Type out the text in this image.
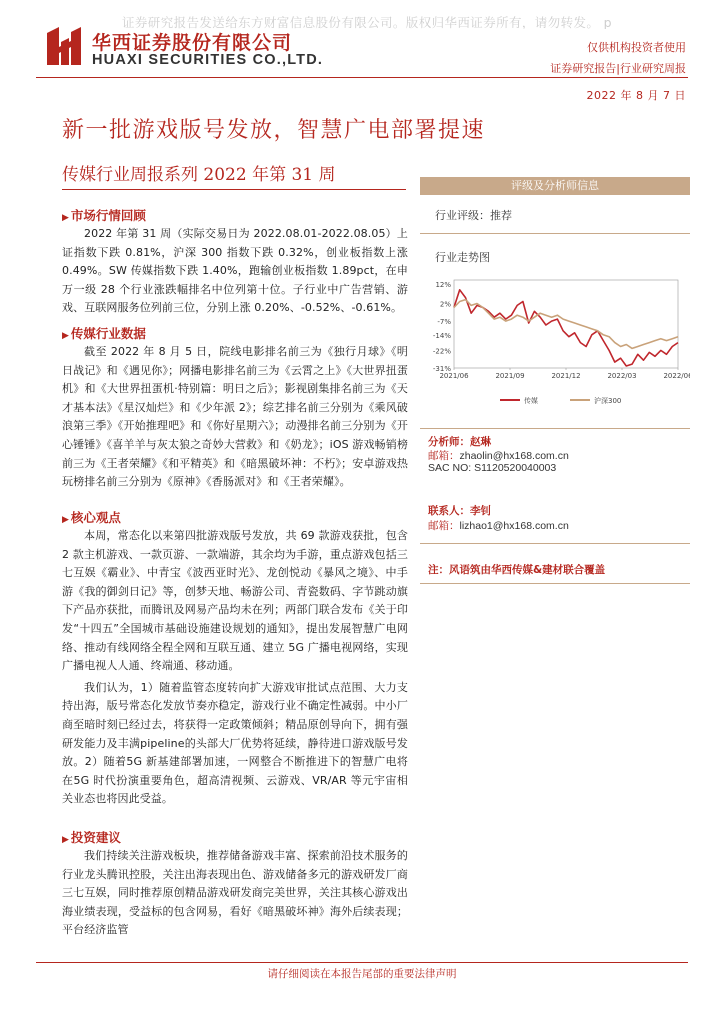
证券研究报告发送给东方财富信息股份有限公司。版权归华西证券所有，请勿转发。 p
华西证券股份有限公司
HUAXI SECURITIES CO.,LTD.
仅供机构投资者使用
证券研究报告|行业研究周报
2022 年 8 月 7 日
新一批游戏版号发放，智慧广电部署提速
传媒行业周报系列 2022 年第 31 周
▶ 市场行情回顾

2022 年第 31 周（实际交易日为 2022.08.01-2022.08.05）上证指数下跌 0.81%，沪深 300 指数下跌 0.32%，创业板指数上涨 0.49%。SW 传媒指数下跌 1.40%，跑输创业板指数 1.89pct，在申万一级 28 个行业涨跌幅排名中位列第十位。子行业中广告营销、游戏、互联网服务位列前三位，分别上涨 0.20%、-0.52%、-0.61%。

▶ 传媒行业数据

截至 2022 年 8 月 5 日，院线电影排名前三为《独行月球》《明日战记》和《遇见你》；网播电影排名前三为《云霄之上》《大世界扭蛋机》和《大世界扭蛋机·特别篇：明日之后》；影视剧集排名前三为《天才基本法》《星汉灿烂》和《少年派 2》；综艺排名前三分别为《乘风破浪第三季》《开始推理吧》和《你好星期六》；动漫排名前三分别为《开心锤锤》《喜羊羊与灰太狼之奇妙大营救》和《奶龙》；iOS 游戏畅销榜前三为《王者荣耀》《和平精英》和《暗黑破坏神：不朽》；安卓游戏热玩榜排名前三分别为《原神》《香肠派对》和《王者荣耀》。

▶ 核心观点

本周，常态化以来第四批游戏版号发放，共 69 款游戏获批，包含 2 款主机游戏、一款页游、一款端游，其余均为手游，重点游戏包括三七互娱《霸业》、中青宝《波西亚时光》、龙创悦动《暴风之境》、中手游《我的御剑日记》等，创梦天地、畅游公司、青瓷数码、字节跳动旗下产品亦获批，而腾讯及网易产品均未在列；两部门联合发布《关于印发“十四五”全国城市基础设施建设规划的通知》，提出发展智慧广电网络、推动有线网络全程全网和互联互通、建立 5G 广播电视网络，实现广播电视人人通、终端通、移动通。

我们认为，1）随着监管态度转向扩大游戏审批试点范围、大力支持出海，版号常态化发放节奏亦稳定，游戏行业不确定性减弱。中小厂商至暗时刻已经过去，将获得一定政策倾斜；精品原创导向下，拥有强研发能力及丰满pipeline的头部大厂优势将延续，静待进口游戏版号发放。2）随着5G 新基建部署加速，一网整合不断推进下的智慧广电将在5G 时代扮演重要角色，超高清视频、云游戏、VR/AR 等元宇宙相关业态也将因此受益。

▶ 投资建议

我们持续关注游戏板块，推荐储备游戏丰富、探索前沿技术服务的行业龙头腾讯控股，关注出海表现出色、游戏储备多元的游戏研发厂商三七互娱，同时推荐原创精品游戏研发商完美世界，关注其核心游戏出海业绩表现，受益标的包含网易，看好《暗黑破坏神》海外后续表现；平台经济监管

评级及分析师信息
行业评级：推荐
行业走势图
12%
2%
-7%
-14%
-22%
-31%
2021/06	2021/09	2021/12	2022/03	2022/06
传媒	沪深300
分析师：赵琳
邮箱：zhaolin@hx168.com.cn
SAC NO: S1120520040003
联系人：李钊
邮箱：lizhao1@hx168.com.cn
注：风语筑由华西传媒&建材联合覆盖
请仔细阅读在本报告尾部的重要法律声明
